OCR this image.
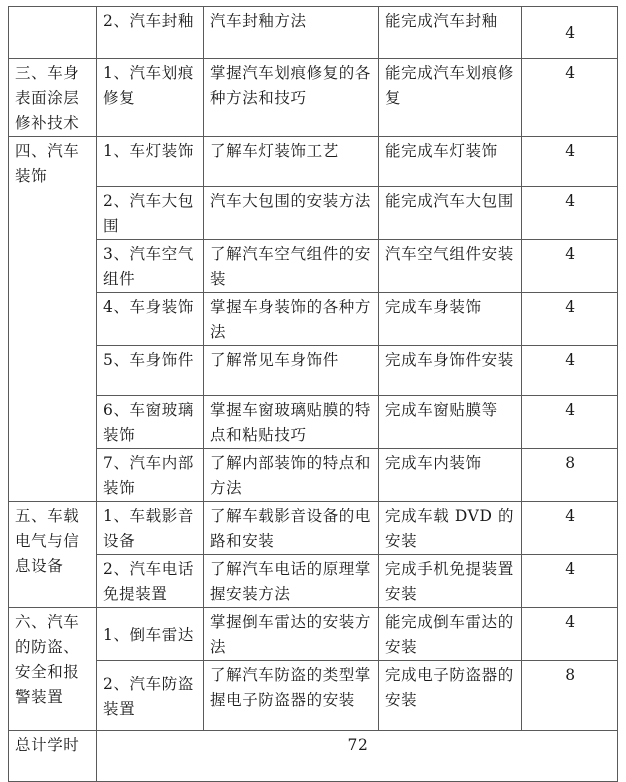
	2、汽车封釉	汽车封釉方法	能完成汽车封釉	4
三、车身表面涂层修补技术	1、汽车划痕修复	掌握汽车划痕修复的各种方法和技巧	能完成汽车划痕修复	4
四、汽车装饰	1、车灯装饰	了解车灯装饰工艺	能完成车灯装饰	4
	2、汽车大包围	汽车大包围的安装方法	能完成汽车大包围	4
	3、汽车空气组件	了解汽车空气组件的安装	汽车空气组件安装	4
	4、车身装饰	掌握车身装饰的各种方法	完成车身装饰	4
	5、车身饰件	了解常见车身饰件	完成车身饰件安装	4
	6、车窗玻璃装饰	掌握车窗玻璃贴膜的特点和粘贴技巧	完成车窗贴膜等	4
	7、汽车内部装饰	了解内部装饰的特点和方法	完成车内装饰	8
五、车载电气与信息设备	1、车载影音设备	了解车载影音设备的电路和安装	完成车载 DVD 的安装	4
	2、汽车电话免提装置	了解汽车电话的原理掌握安装方法	完成手机免提装置安装	4
六、汽车的防盗、安全和报警装置	1、倒车雷达	掌握倒车雷达的安装方法	能完成倒车雷达的安装	4
	2、汽车防盗装置	了解汽车防盗的类型掌握电子防盗器的安装	完成电子防盗器的安装	8
总计学时	72			
